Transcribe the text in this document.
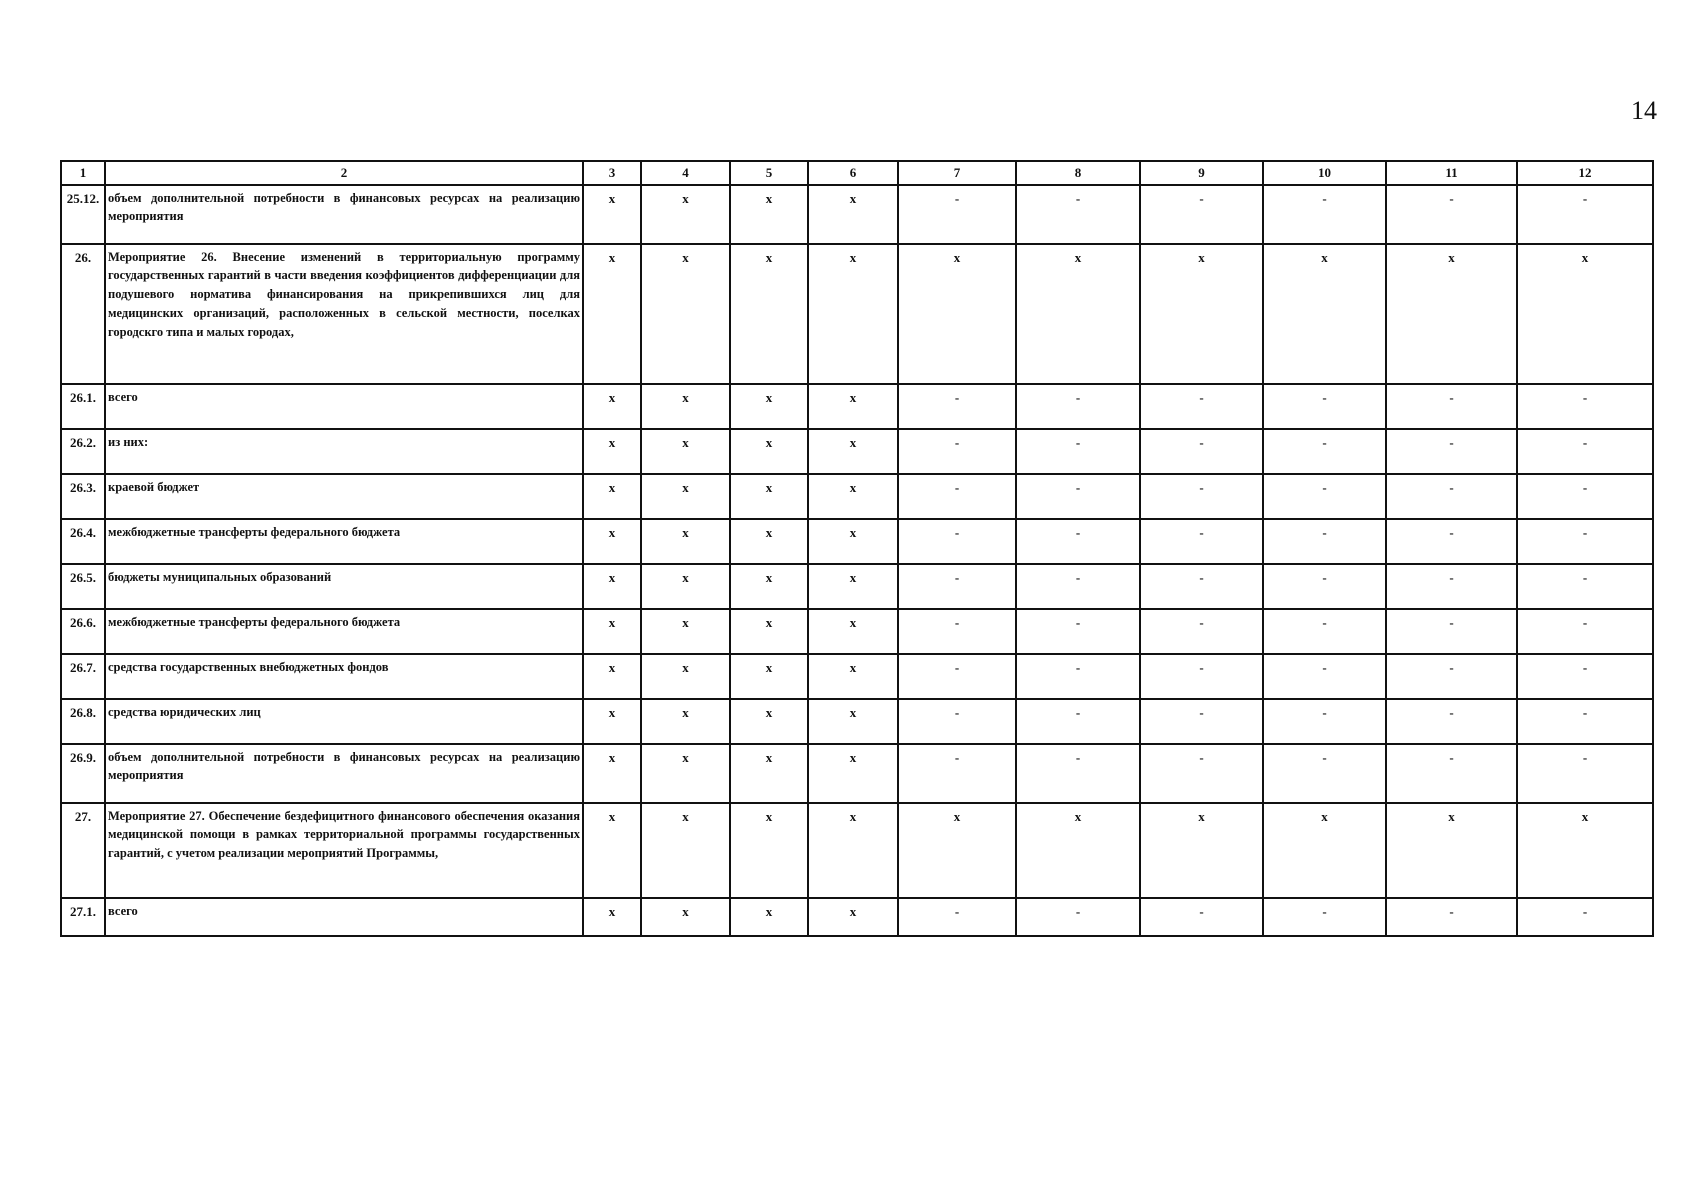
14
1	2	3	4	5	6	7	8	9	10	11	12
25.12.	объем дополнительной потребности в финансовых ресурсах на реализацию мероприятия	x	x	x	x	-	-	-	-	-	-
26.	Мероприятие 26. Внесение изменений в территориальную программу государственных гарантий в части введения коэффициентов дифференциации для подушевого норматива финансирования на прикрепившихся лиц для медицинских организаций, расположенных в сельской местности, поселках городскго типа и малых городах,	x	x	x	x	x	x	x	x	x	x
26.1.	всего	x	x	x	x	-	-	-	-	-	-
26.2.	из них:	x	x	x	x	-	-	-	-	-	-
26.3.	краевой бюджет	x	x	x	x	-	-	-	-	-	-
26.4.	межбюджетные трансферты федерального бюджета	x	x	x	x	-	-	-	-	-	-
26.5.	бюджеты муниципальных образований	x	x	x	x	-	-	-	-	-	-
26.6.	межбюджетные трансферты федерального бюджета	x	x	x	x	-	-	-	-	-	-
26.7.	средства государственных внебюджетных фондов	x	x	x	x	-	-	-	-	-	-
26.8.	средства юридических лиц	x	x	x	x	-	-	-	-	-	-
26.9.	объем дополнительной потребности в финансовых ресурсах на реализацию мероприятия	x	x	x	x	-	-	-	-	-	-
27.	Мероприятие 27. Обеспечение бездефицитного финансового обеспечения оказания медицинской помощи в рамках территориальной программы государственных гарантий, с учетом реализации мероприятий Программы,	x	x	x	x	x	x	x	x	x	x
27.1.	всего	x	x	x	x	-	-	-	-	-	-
